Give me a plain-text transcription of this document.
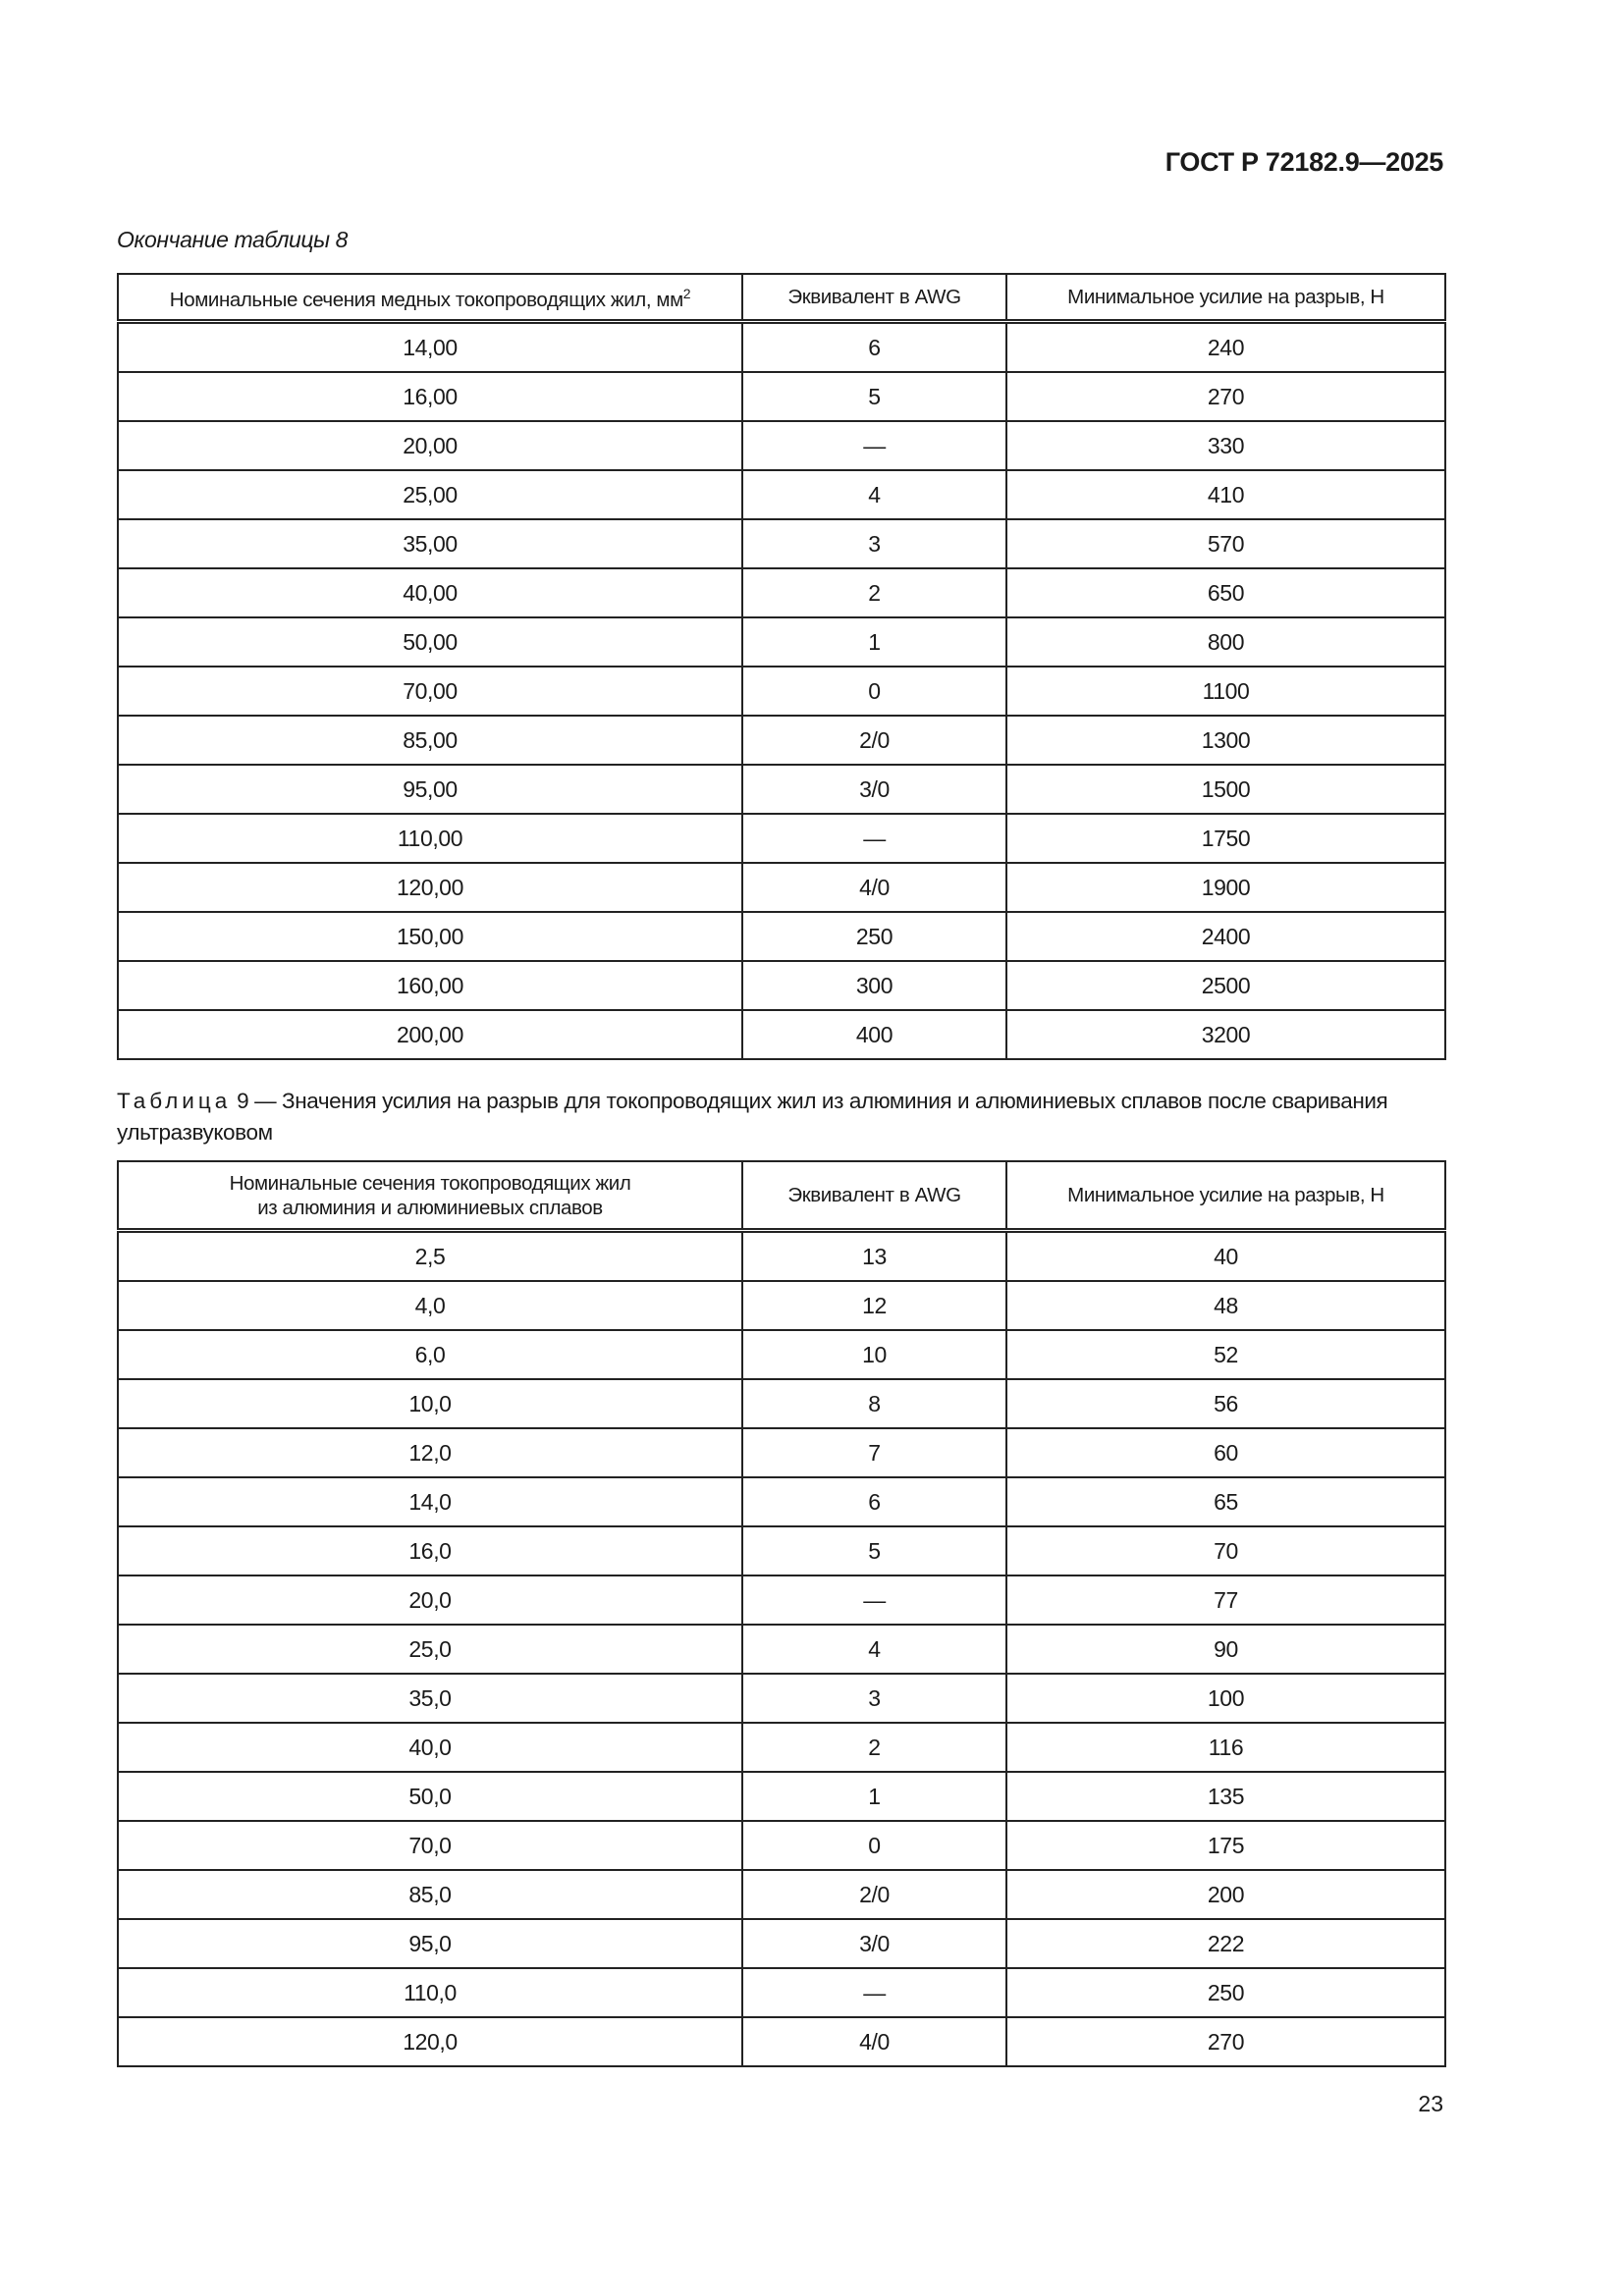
ГОСТ Р 72182.9—2025
Окончание таблицы 8
Номинальные сечения медных токопроводящих жил, $мм^2$	Эквивалент в AWG	Минимальное усилие на разрыв, Н
14,00	6	240
16,00	5	270
20,00	—	330
25,00	4	410
35,00	3	570
40,00	2	650
50,00	1	800
70,00	0	1100
85,00	2/0	1300
95,00	3/0	1500
110,00	—	1750
120,00	4/0	1900
150,00	250	2400
160,00	300	2500
200,00	400	3200
Таблица 9 — Значения усилия на разрыв для токопроводящих жил из алюминия и алюминиевых сплавов после сваривания ультразвуковом
Номинальные сечения токопроводящих жил
из алюминия и алюминиевых сплавов	Эквивалент в AWG	Минимальное усилие на разрыв, Н
2,5	13	40
4,0	12	48
6,0	10	52
10,0	8	56
12,0	7	60
14,0	6	65
16,0	5	70
20,0	—	77
25,0	4	90
35,0	3	100
40,0	2	116
50,0	1	135
70,0	0	175
85,0	2/0	200
95,0	3/0	222
110,0	—	250
120,0	4/0	270
23
